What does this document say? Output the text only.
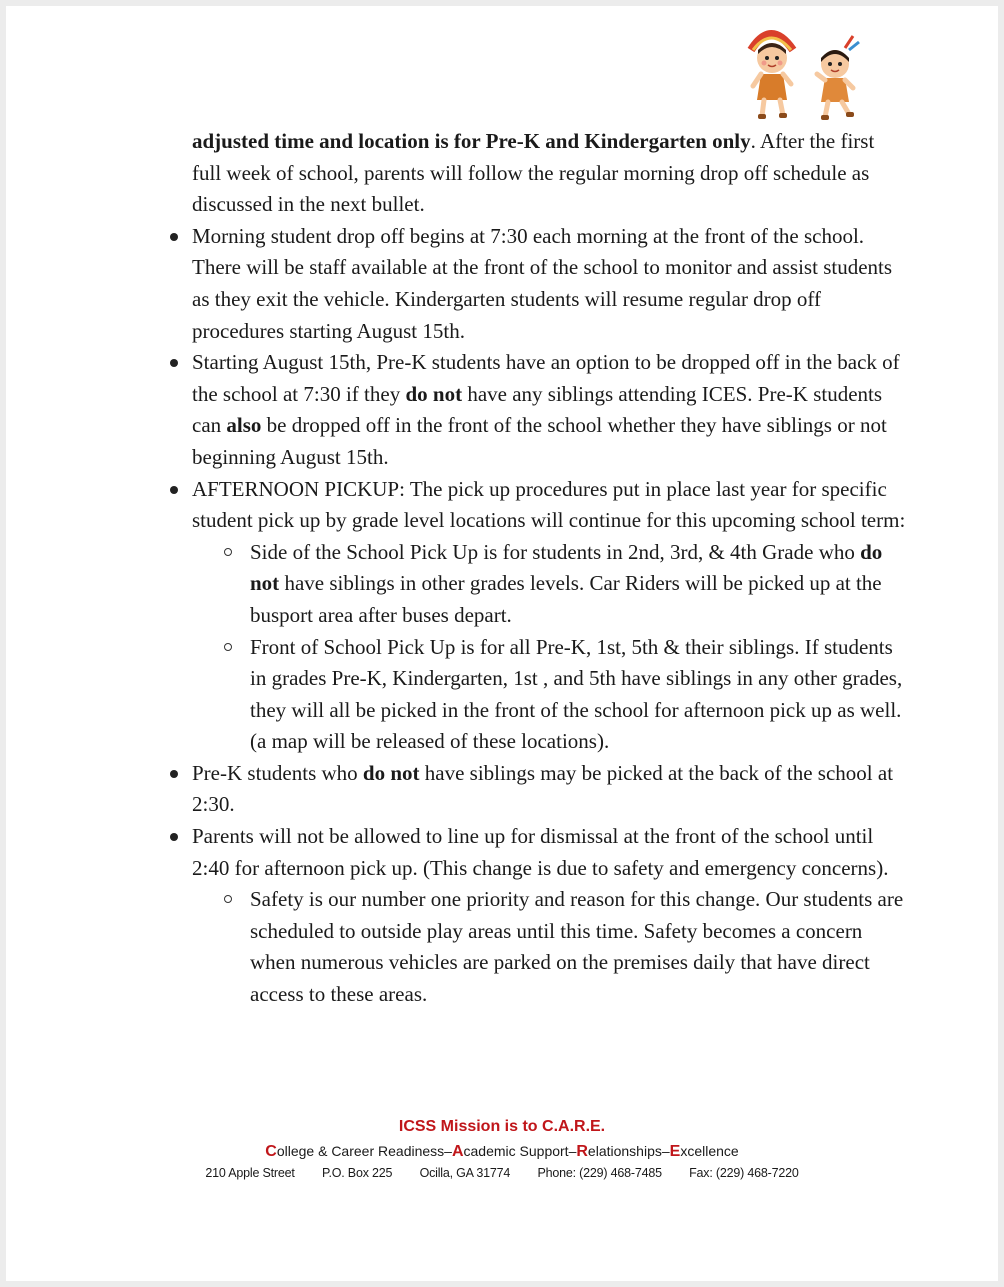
adjusted time and location is for Pre-K and Kindergarten only. After the first full week of school, parents will follow the regular morning drop off schedule as discussed in the next bullet.

Morning student drop off begins at 7:30 each morning at the front of the school. There will be staff available at the front of the school to monitor and assist students as they exit the vehicle. Kindergarten students will resume regular drop off procedures starting August 15th.
Starting August 15th, Pre-K students have an option to be dropped off in the back of the school at 7:30 if they do not have any siblings attending ICES. Pre-K students can also be dropped off in the front of the school whether they have siblings or not beginning August 15th.
AFTERNOON PICKUP: The pick up procedures put in place last year for specific student pick up by grade level locations will continue for this upcoming school term:
Side of the School Pick Up is for students in 2nd, 3rd, & 4th Grade who do not have siblings in other grades levels. Car Riders will be picked up at the busport area after buses depart.
Front of School Pick Up is for all Pre-K, 1st, 5th & their siblings. If students in grades Pre-K, Kindergarten, 1st , and 5th have siblings in any other grades, they will all be picked in the front of the school for afternoon pick up as well. (a map will be released of these locations).
Pre-K students who do not have siblings may be picked at the back of the school at 2:30.
Parents will not be allowed to line up for dismissal at the front of the school until 2:40 for afternoon pick up. (This change is due to safety and emergency concerns).
Safety is our number one priority and reason for this change. Our students are scheduled to outside play areas until this time. Safety becomes a concern when numerous vehicles are parked on the premises daily that have direct access to these areas.
ICSS Mission is to C.A.R.E.
College & Career Readiness–Academic Support–Relationships–Excellence
210 Apple Street P.O. Box 225 Ocilla, GA 31774 Phone: (229) 468-7485 Fax: (229) 468-7220
